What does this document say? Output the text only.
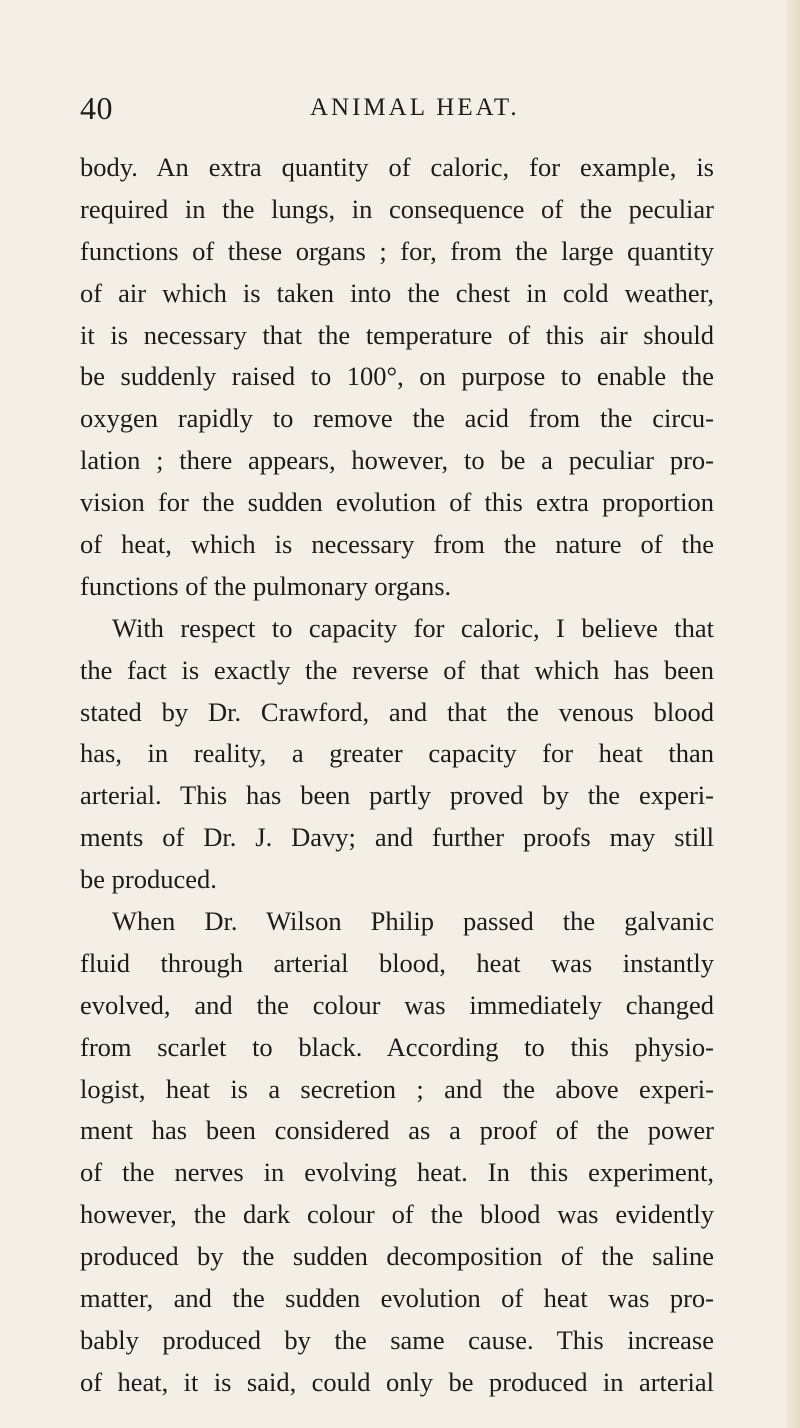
40	ANIMAL HEAT.
body. An extra quantity of caloric, for example, is
required in the lungs, in consequence of the peculiar
functions of these organs ; for, from the large quantity
of air which is taken into the chest in cold weather,
it is necessary that the temperature of this air should
be suddenly raised to 100°, on purpose to enable the
oxygen rapidly to remove the acid from the circu-
lation ; there appears, however, to be a peculiar pro-
vision for the sudden evolution of this extra proportion
of heat, which is necessary from the nature of the
functions of the pulmonary organs.
With respect to capacity for caloric, I believe that
the fact is exactly the reverse of that which has been
stated by Dr. Crawford, and that the venous blood
has, in reality, a greater capacity for heat than
arterial. This has been partly proved by the experi-
ments of Dr. J. Davy; and further proofs may still
be produced.
When Dr. Wilson Philip passed the galvanic
fluid through arterial blood, heat was instantly
evolved, and the colour was immediately changed
from scarlet to black. According to this physio-
logist, heat is a secretion ; and the above experi-
ment has been considered as a proof of the power
of the nerves in evolving heat. In this experiment,
however, the dark colour of the blood was evidently
produced by the sudden decomposition of the saline
matter, and the sudden evolution of heat was pro-
bably produced by the same cause. This increase
of heat, it is said, could only be produced in arterial
